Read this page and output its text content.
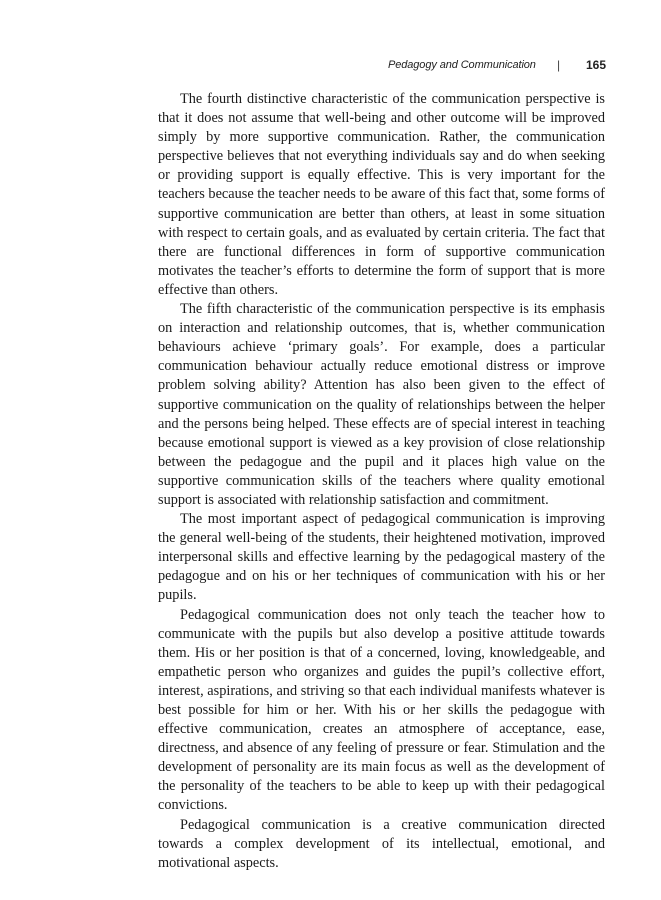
Pedagogy and Communication | 165

The fourth distinctive characteristic of the communication perspective is that it does not assume that well-being and other outcome will be improved simply by more supportive communication. Rather, the communication perspective believes that not everything individuals say and do when seeking or providing support is equally effective. This is very important for the teachers because the teacher needs to be aware of this fact that, some forms of supportive communication are better than others, at least in some situation with respect to certain goals, and as evaluated by certain criteria. The fact that there are functional differences in form of supportive communication motivates the teacher’s efforts to determine the form of support that is more effective than others.

The fifth characteristic of the communication perspective is its emphasis on interaction and relationship outcomes, that is, whether communication behaviours achieve ‘primary goals’. For example, does a particular communication behaviour actually reduce emotional distress or improve problem solving ability? Attention has also been given to the effect of supportive communication on the quality of relationships between the helper and the persons being helped. These effects are of special interest in teaching because emotional support is viewed as a key provision of close relationship between the pedagogue and the pupil and it places high value on the supportive communication skills of the teachers where quality emotional support is associated with relationship satisfaction and commitment.

The most important aspect of pedagogical communication is improving the general well-being of the students, their heightened motivation, improved interpersonal skills and effective learning by the pedagogical mastery of the pedagogue and on his or her techniques of communication with his or her pupils.

Pedagogical communication does not only teach the teacher how to communicate with the pupils but also develop a positive attitude towards them. His or her position is that of a concerned, loving, knowledgeable, and empathetic person who organizes and guides the pupil’s collective effort, interest, aspirations, and striving so that each individual manifests whatever is best possible for him or her. With his or her skills the pedagogue with effective communication, creates an atmosphere of acceptance, ease, directness, and absence of any feeling of pressure or fear. Stimulation and the development of personality are its main focus as well as the development of the personality of the teachers to be able to keep up with their pedagogical convictions.

Pedagogical communication is a creative communication directed towards a complex development of its intellectual, emotional, and motivational aspects.
